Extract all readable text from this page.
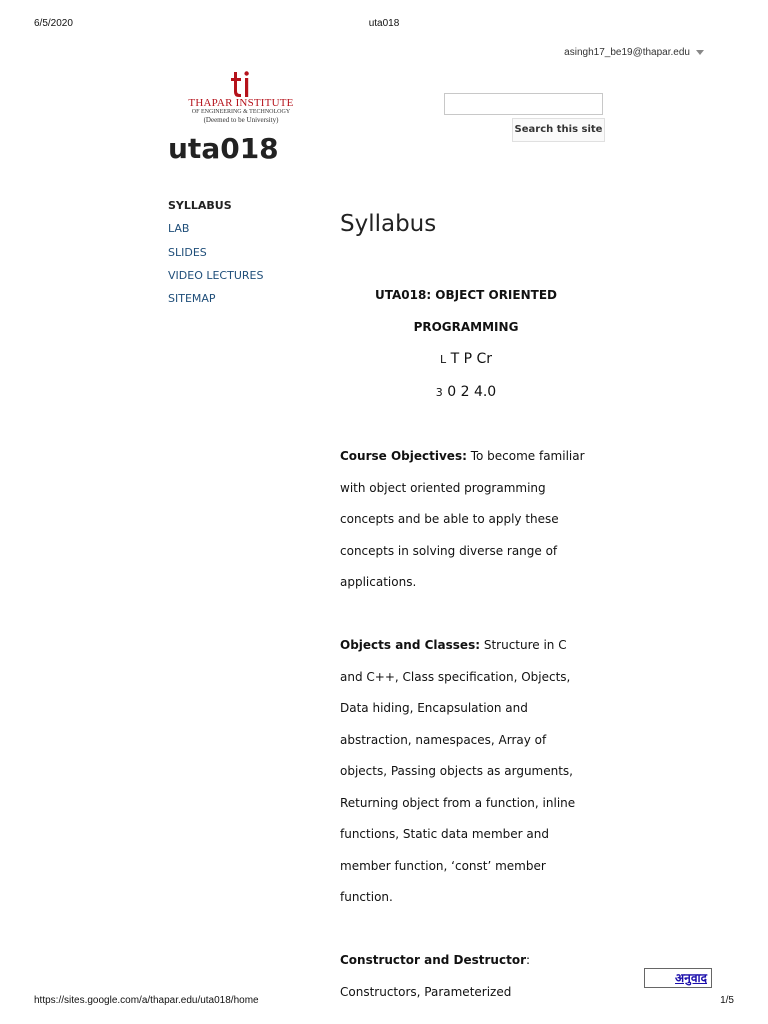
6/5/2020	uta018
asingh17_be19@thapar.edu
THAPAR INSTITUTE
OF ENGINEERING & TECHNOLOGY
(Deemed to be University)
uta018
Search this site
SYLLABUS
LAB
SLIDES
VIDEO LECTURES
SITEMAP
Syllabus
UTA018: OBJECT ORIENTED
PROGRAMMING
L T P Cr
3 0 2 4.0

Course Objectives: To become familiar with object oriented programming concepts and be able to apply these concepts in solving diverse range of applications.

Objects and Classes: Structure in C and C++, Class specification, Objects, Data hiding, Encapsulation and abstraction, namespaces, Array of objects, Passing objects as arguments, Returning object from a function, inline functions, Static data member and member function, ‘const’ member function.

Constructor and Destructor: Constructors, Parameterized

अनुवाद
https://sites.google.com/a/thapar.edu/uta018/home	1/5
